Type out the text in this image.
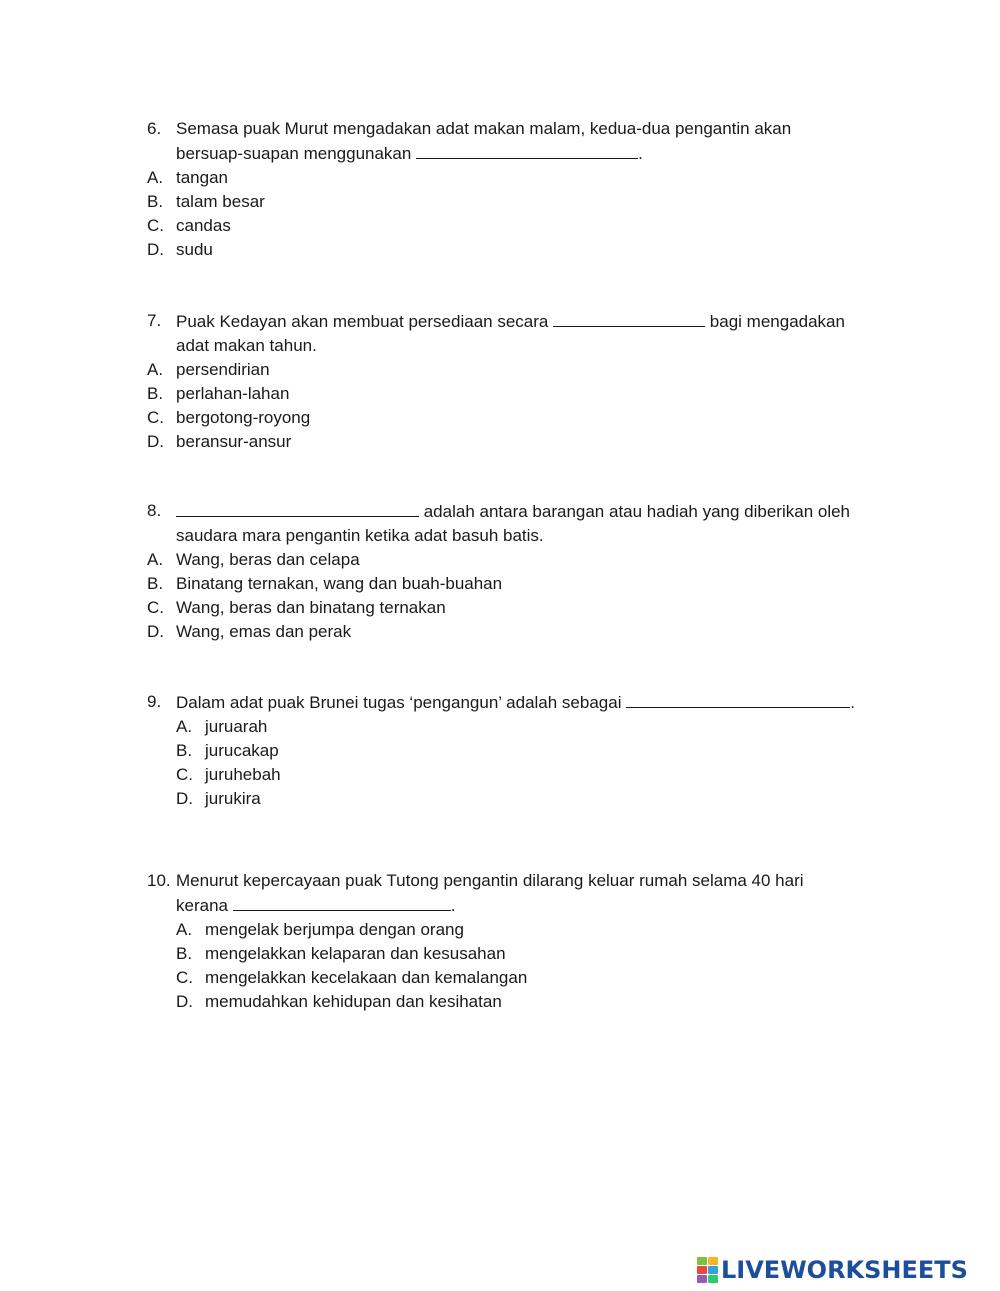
6. Semasa puak Murut mengadakan adat makan malam, kedua-dua pengantin akan
bersuap-suapan menggunakan	.
A. tangan
B. talam besar
C. candas
D. sudu
7. Puak Kedayan akan membuat persediaan secara	bagi mengadakan
adat makan tahun.
A. persendirian
B. perlahan-lahan
C. bergotong-royong
D. beransur-ansur
8.	adalah antara barangan atau hadiah yang diberikan oleh
saudara mara pengantin ketika adat basuh batis.
A. Wang, beras dan celapa
B. Binatang ternakan, wang dan buah-buahan
C. Wang, beras dan binatang ternakan
D. Wang, emas dan perak
9. Dalam adat puak Brunei tugas ‘pengangun’ adalah sebagai	.
A. juruarah
B. jurucakap
C. juruhebah
D. jurukira
10. Menurut kepercayaan puak Tutong pengantin dilarang keluar rumah selama 40 hari
kerana	.
A. mengelak berjumpa dengan orang
B. mengelakkan kelaparan dan kesusahan
C. mengelakkan kecelakaan dan kemalangan
D. memudahkan kehidupan dan kesihatan
LIVEWORKSHEETS
